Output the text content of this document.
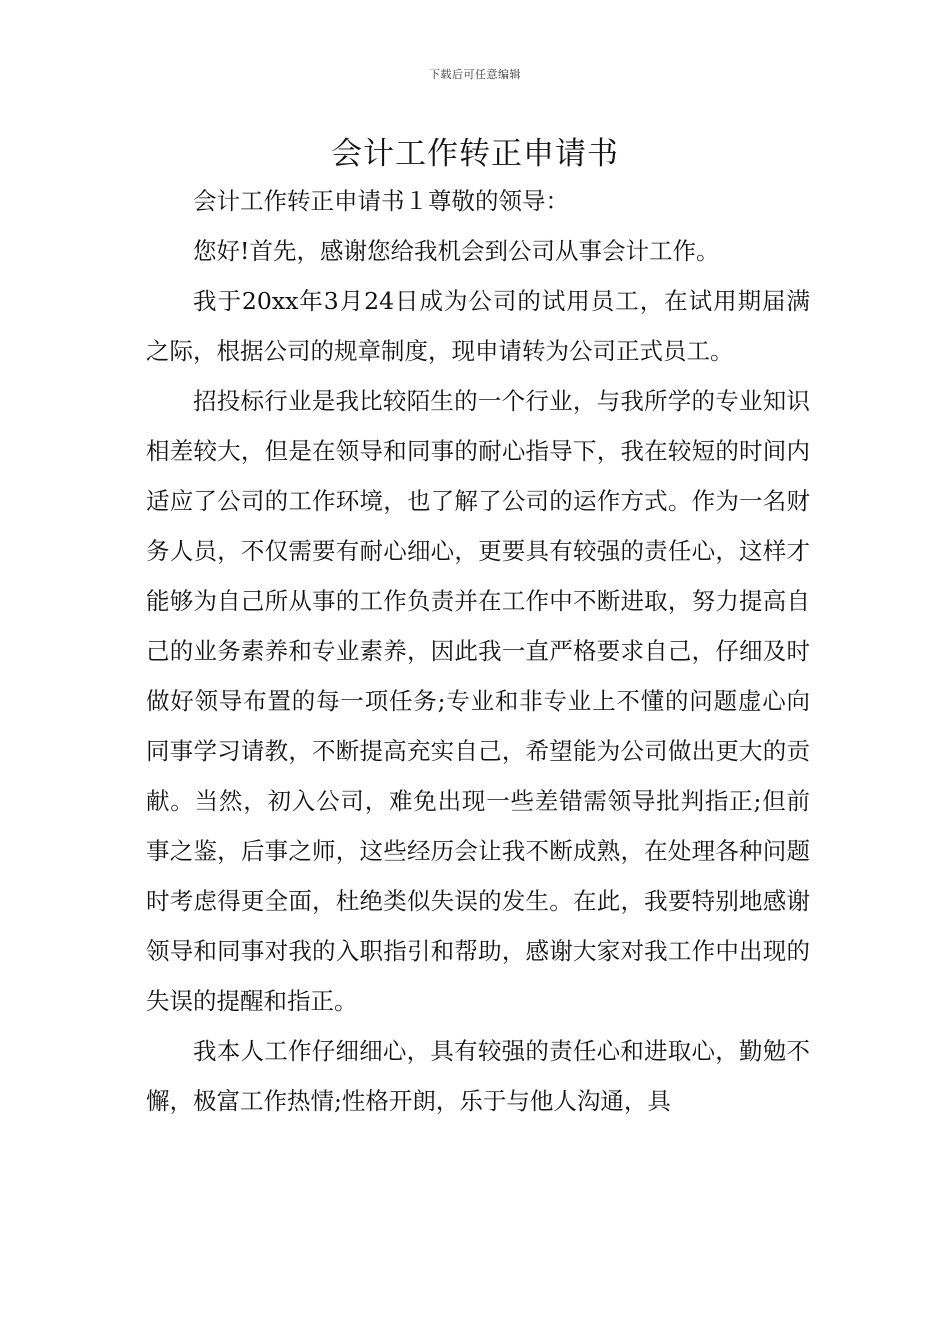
下载后可任意编辑
会计工作转正申请书

会计工作转正申请书１尊敬的领导：

您好!首先，感谢您给我机会到公司从事会计工作。

我于20xx年3月24日成为公司的试用员工，在试用期届满之际，根据公司的规章制度，现申请转为公司正式员工。

招投标行业是我比较陌生的一个行业，与我所学的专业知识相差较大，但是在领导和同事的耐心指导下，我在较短的时间内适应了公司的工作环境，也了解了公司的运作方式。作为一名财务人员，不仅需要有耐心细心，更要具有较强的责任心，这样才能够为自己所从事的工作负责并在工作中不断进取，努力提高自己的业务素养和专业素养，因此我一直严格要求自己，仔细及时做好领导布置的每一项任务;专业和非专业上不懂的问题虚心向同事学习请教，不断提高充实自己，希望能为公司做出更大的贡献。当然，初入公司，难免出现一些差错需领导批判指正;但前事之鉴，后事之师，这些经历会让我不断成熟，在处理各种问题时考虑得更全面，杜绝类似失误的发生。在此，我要特别地感谢领导和同事对我的入职指引和帮助，感谢大家对我工作中出现的失误的提醒和指正。

我本人工作仔细细心，具有较强的责任心和进取心，勤勉不懈，极富工作热情;性格开朗，乐于与他人沟通，具
